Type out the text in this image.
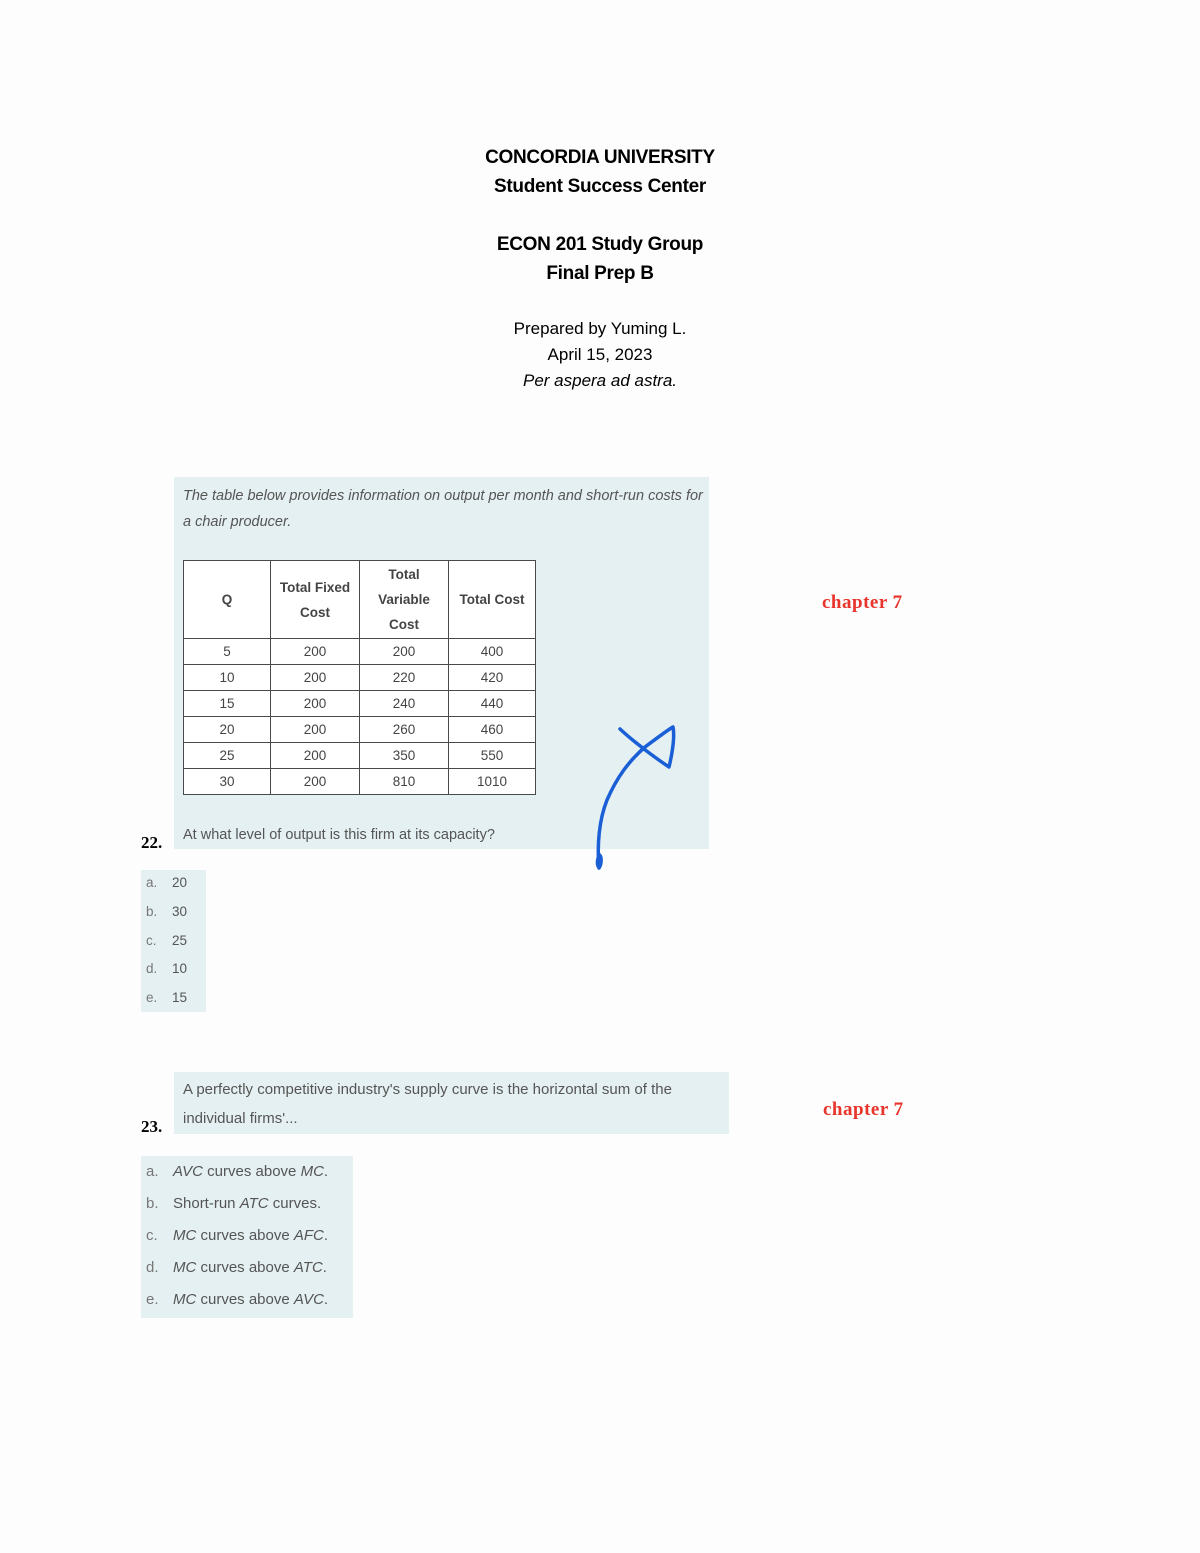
CONCORDIA UNIVERSITY
Student Success Center
ECON 201 Study Group
Final Prep B
Prepared by Yuming L.
April 15, 2023
Per aspera ad astra.
The table below provides information on output per month and short-run costs for a chair producer.
At what level of output is this firm at its capacity?
Q	Total Fixed Cost	Total Variable Cost	Total Cost
5	200	200	400
10	200	220	420
15	200	240	440
20	200	260	460
25	200	350	550
30	200	810	1010
22.
a. 20
b. 30
c. 25
d. 10
e. 15
chapter 7
A perfectly competitive industry's supply curve is the horizontal sum of the individual firms'...
23.
a. AVC curves above MC.
b. Short-run ATC curves.
c. MC curves above AFC.
d. MC curves above ATC.
e. MC curves above AVC.
chapter 7
